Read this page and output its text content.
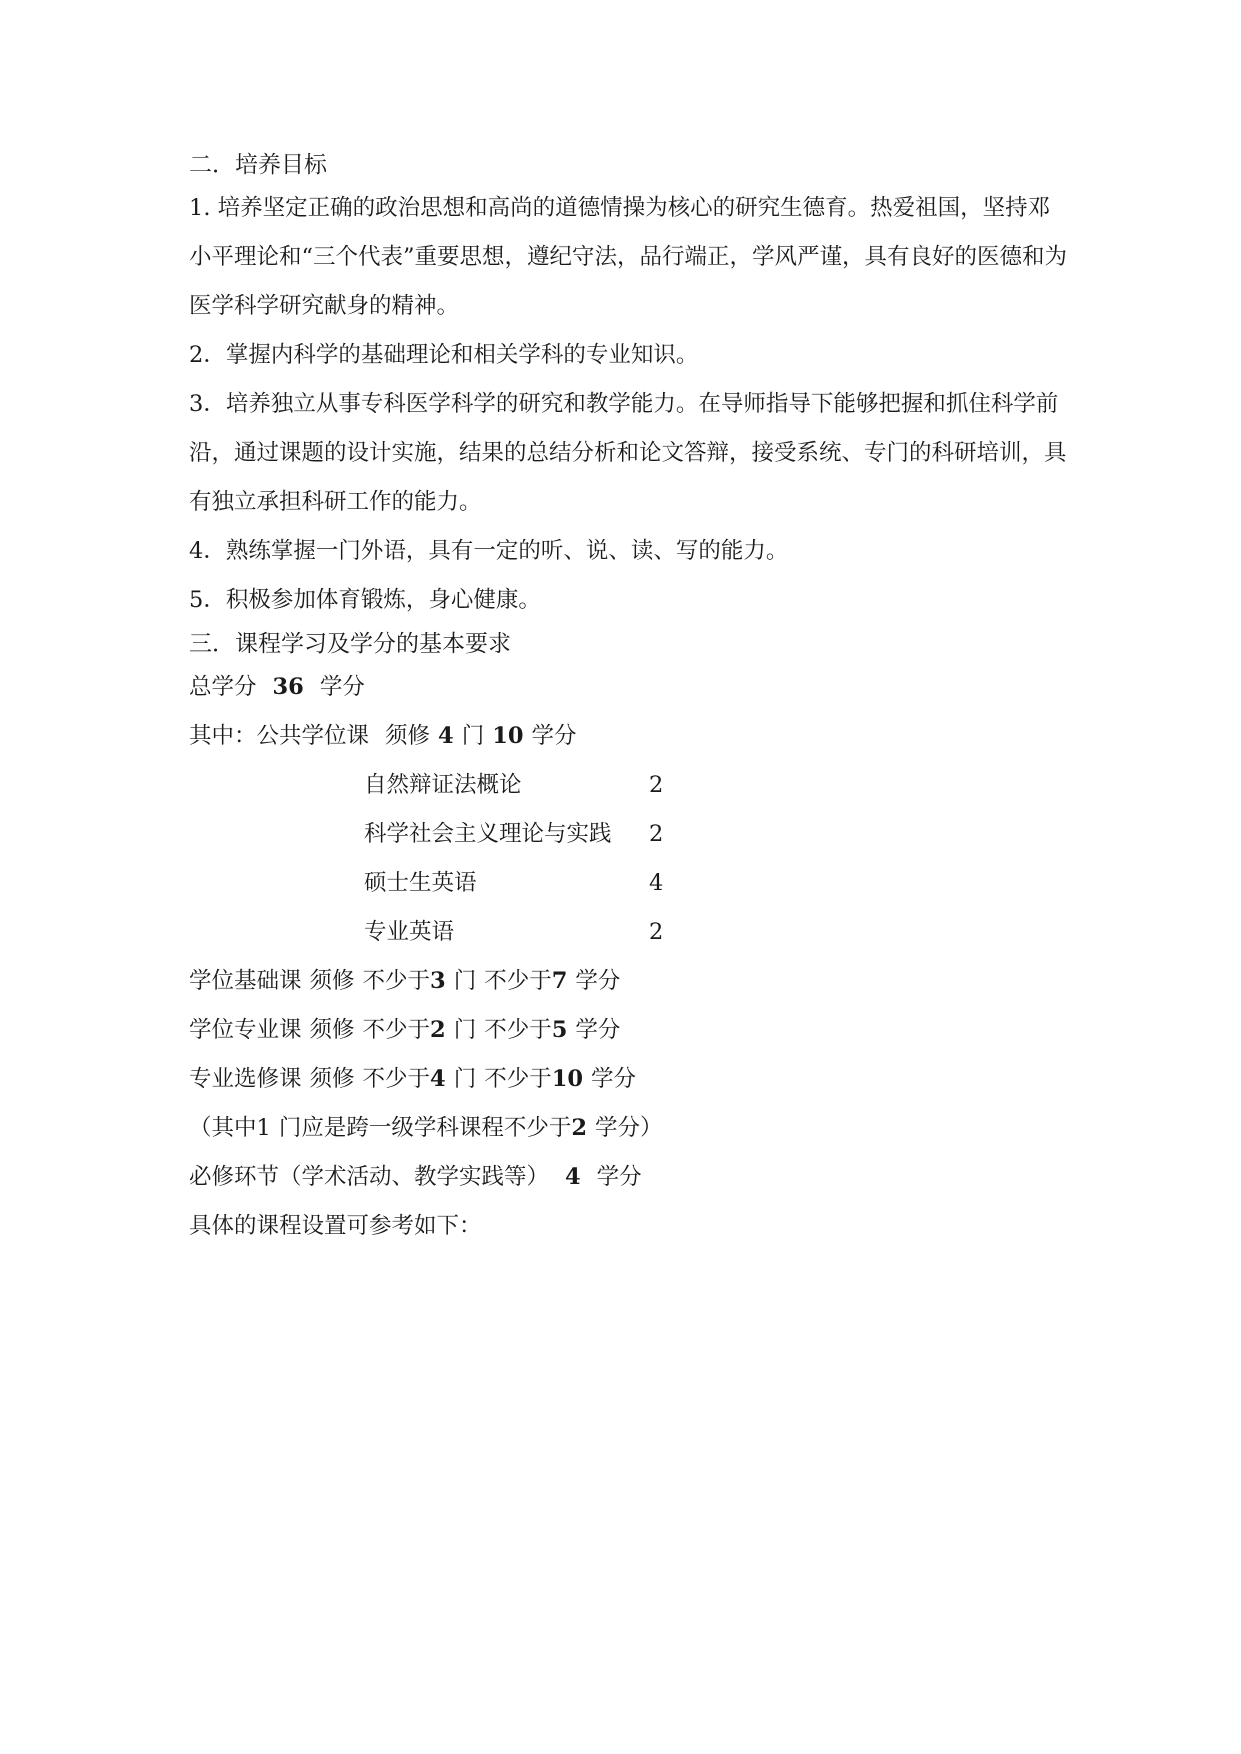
二．培养目标
1. 培养坚定正确的政治思想和高尚的道德情操为核心的研究生德育。热爱祖国，坚持邓小平理论和“三个代表”重要思想，遵纪守法，品行端正，学风严谨，具有良好的医德和为医学科学研究献身的精神。
2．掌握内科学的基础理论和相关学科的专业知识。
3．培养独立从事专科医学科学的研究和教学能力。在导师指导下能够把握和抓住科学前沿，通过课题的设计实施，结果的总结分析和论文答辩，接受系统、专门的科研培训，具有独立承担科研工作的能力。
4．熟练掌握一门外语，具有一定的听、说、读、写的能力。
5．积极参加体育锻炼，身心健康。
三．课程学习及学分的基本要求
总学分 36 学分
其中：公共学位课 须修 4 门 10 学分
自然辩证法概论	2
科学社会主义理论与实践	2
硕士生英语	4
专业英语	2
学位基础课 须修 不少于3 门 不少于7 学分
学位专业课 须修 不少于2 门 不少于5 学分
专业选修课 须修 不少于4 门 不少于10 学分
（其中1 门应是跨一级学科课程不少于2 学分）
必修环节（学术活动、教学实践等） 4 学分
具体的课程设置可参考如下：
